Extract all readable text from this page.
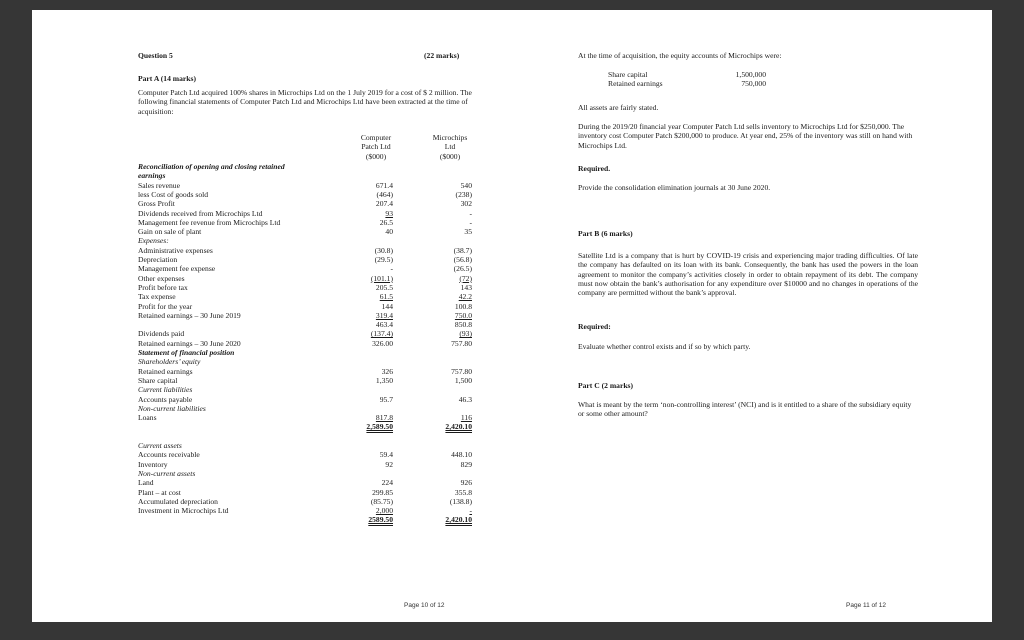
Question 5	(22 marks)
Part A (14 marks)
Computer Patch Ltd acquired 100% shares in Microchips Ltd on the 1 July 2019 for a cost of $ 2 million. The following financial statements of Computer Patch Ltd and Microchips Ltd have been extracted at the time of acquisition:
Computer
Patch Ltd
($000)
Microchips
Ltd
($000)
Reconciliation of opening and closing retained
earnings
Sales revenue	671.4	540
less Cost of goods sold	(464)	(238)
Gross Profit	207.4	302
Dividends received from Microchips Ltd	93	-
Management fee revenue from Microchips Ltd	26.5	-
Gain on sale of plant	40	35
Expenses:
Administrative expenses	(30.8)	(38.7)
Depreciation	(29.5)	(56.8)
Management fee expense	-	(26.5)
Other expenses	(101.1)	(72)
Profit before tax	205.5	143
Tax expense	61.5	42.2
Profit for the year	144	100.8
Retained earnings – 30 June 2019	319.4	750.0
463.4	850.8
Dividends paid	(137.4)	(93)
Retained earnings – 30 June 2020	326.00	757.80
Statement of financial position
Shareholders’ equity
Retained earnings	326	757.80
Share capital	1,350	1,500
Current liabilities
Accounts payable	95.7	46.3
Non-current liabilities
Loans	817.8	116
2,589.50	2,420.10
Current assets
Accounts receivable	59.4	448.10
Inventory	92	829
Non-current assets
Land	224	926
Plant – at cost	299.85	355.8
Accumulated depreciation	(85.75)	(138.8)
Investment in Microchips Ltd	2,000	-
2589.50	2,420.10
Page 10 of 12
At the time of acquisition, the equity accounts of Microchips were:
Share capital	1,500,000
Retained earnings	750,000
All assets are fairly stated.
During the 2019/20 financial year Computer Patch Ltd sells inventory to Microchips Ltd for $250,000. The inventory cost Computer Patch $200,000 to produce. At year end, 25% of the inventory was still on hand with Microchips Ltd.
Required.
Provide the consolidation elimination journals at 30 June 2020.
Part B (6 marks)
Satellite Ltd is a company that is hurt by COVID-19 crisis and experiencing major trading difficulties. Of late the company has defaulted on its loan with its bank. Consequently, the bank has used the powers in the loan agreement to monitor the company’s activities closely in order to obtain repayment of its debt. The company must now obtain the bank’s authorisation for any expenditure over $10000 and no changes in operations of the company are permitted without the bank’s approval.
Required:
Evaluate whether control exists and if so by which party.
Part C (2 marks)
What is meant by the term ‘non-controlling interest’ (NCI) and is it entitled to a share of the subsidiary equity or some other amount?
Page 11 of 12
